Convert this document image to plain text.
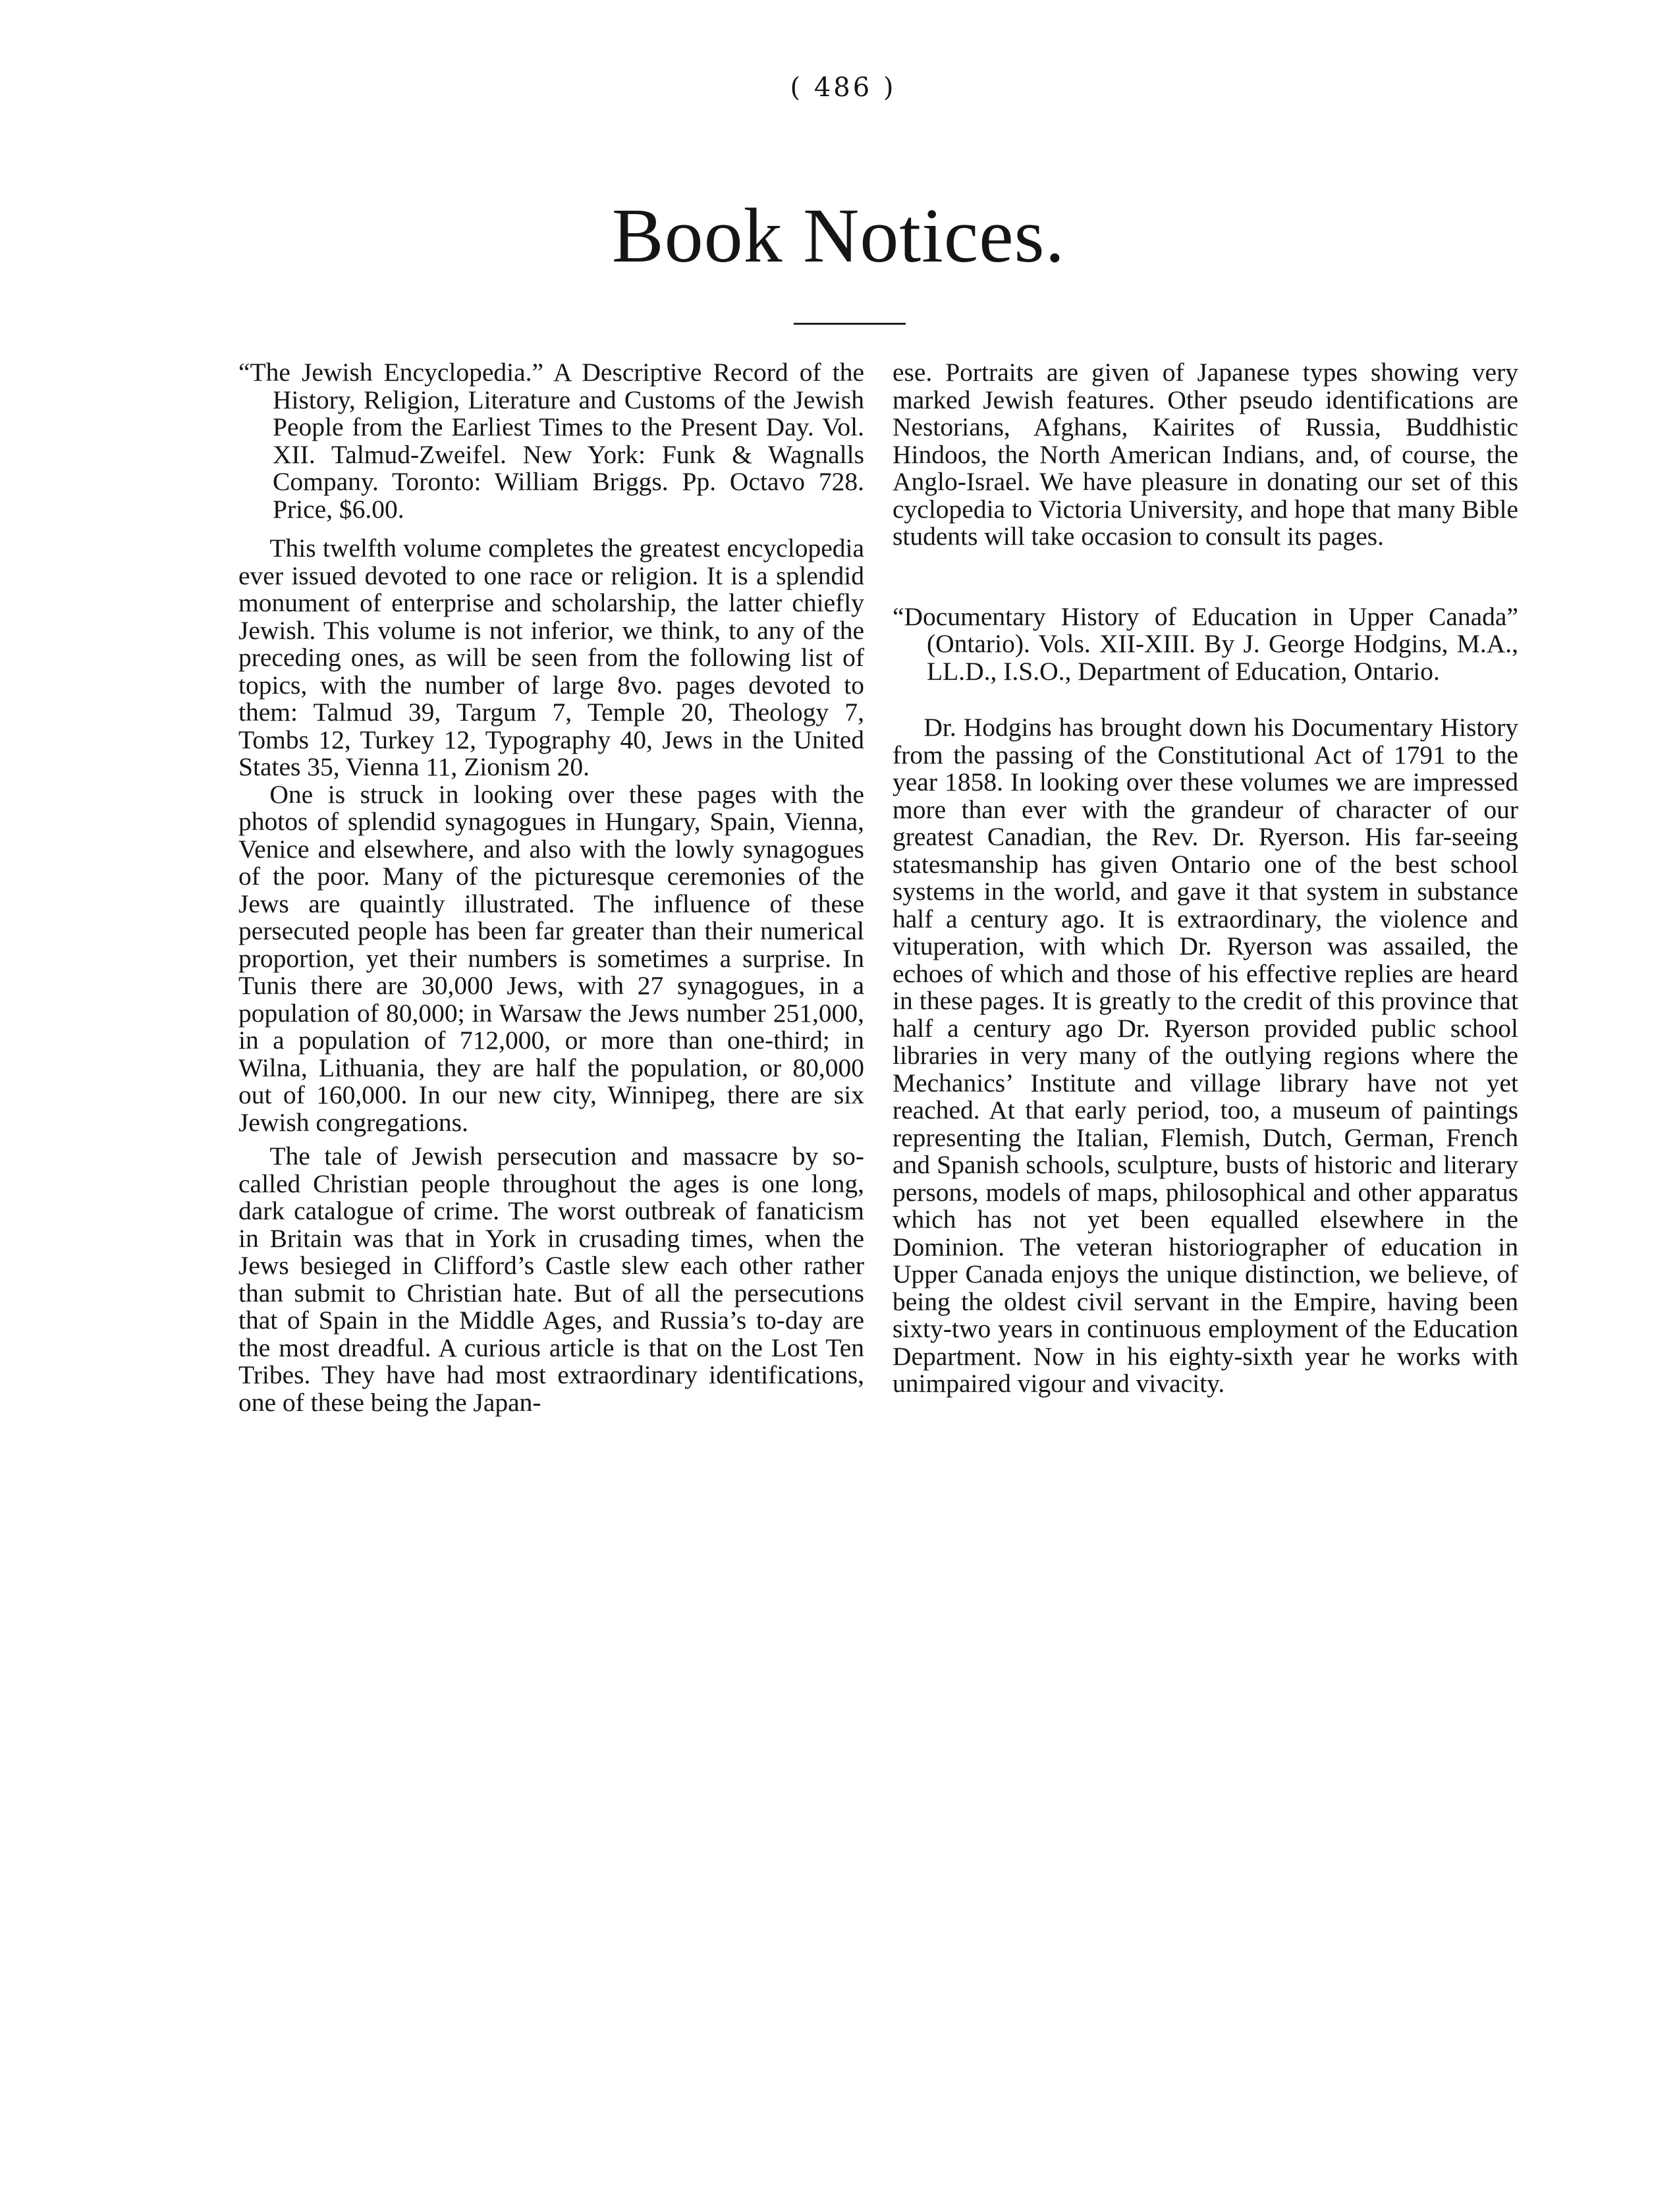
( 486 )
Book Notices.

“The Jewish Encyclopedia.” A Descriptive Record of the History, Religion, Literature and Customs of the Jewish People from the Earliest Times to the Present Day. Vol. XII. Talmud-Zweifel. New York: Funk & Wagnalls Company. Toronto: William Briggs. Pp. Octavo 728. Price, $6.00.

This twelfth volume completes the greatest encyclopedia ever issued devoted to one race or religion. It is a splendid monument of enterprise and scholarship, the latter chiefly Jewish. This volume is not inferior, we think, to any of the preceding ones, as will be seen from the following list of topics, with the number of large 8vo. pages devoted to them: Talmud 39, Targum 7, Temple 20, Theology 7, Tombs 12, Turkey 12, Typography 40, Jews in the United States 35, Vienna 11, Zionism 20.

One is struck in looking over these pages with the photos of splendid synagogues in Hungary, Spain, Vienna, Venice and elsewhere, and also with the lowly synagogues of the poor. Many of the picturesque ceremonies of the Jews are quaintly illustrated. The influence of these persecuted people has been far greater than their numerical proportion, yet their numbers is sometimes a surprise. In Tunis there are 30,000 Jews, with 27 synagogues, in a population of 80,000; in Warsaw the Jews number 251,000, in a population of 712,000, or more than one-third; in Wilna, Lithuania, they are half the population, or 80,000 out of 160,000. In our new city, Winnipeg, there are six Jewish congregations.

The tale of Jewish persecution and massacre by so-called Christian people throughout the ages is one long, dark catalogue of crime. The worst outbreak of fanaticism in Britain was that in York in crusading times, when the Jews besieged in Clifford’s Castle slew each other rather than submit to Christian hate. But of all the persecutions that of Spain in the Middle Ages, and Russia’s to-day are the most dreadful. A curious article is that on the Lost Ten Tribes. They have had most extraordinary identifications, one of these being the Japan-

ese. Portraits are given of Japanese types showing very marked Jewish features. Other pseudo identifications are Nestorians, Afghans, Kairites of Russia, Buddhistic Hindoos, the North American Indians, and, of course, the Anglo-Israel. We have pleasure in donating our set of this cyclopedia to Victoria University, and hope that many Bible students will take occasion to consult its pages.

“Documentary History of Education in Upper Canada” (Ontario). Vols. XII-XIII. By J. George Hodgins, M.A., LL.D., I.S.O., Department of Education, Ontario.

Dr. Hodgins has brought down his Documentary History from the passing of the Constitutional Act of 1791 to the year 1858. In looking over these volumes we are impressed more than ever with the grandeur of character of our greatest Canadian, the Rev. Dr. Ryerson. His far-seeing statesmanship has given Ontario one of the best school systems in the world, and gave it that system in substance half a century ago. It is extraordinary, the violence and vituperation, with which Dr. Ryerson was assailed, the echoes of which and those of his effective replies are heard in these pages. It is greatly to the credit of this province that half a century ago Dr. Ryerson provided public school libraries in very many of the outlying regions where the Mechanics’ Institute and village library have not yet reached. At that early period, too, a museum of paintings representing the Italian, Flemish, Dutch, German, French and Spanish schools, sculpture, busts of historic and literary persons, models of maps, philosophical and other apparatus which has not yet been equalled elsewhere in the Dominion. The veteran historiographer of education in Upper Canada enjoys the unique distinction, we believe, of being the oldest civil servant in the Empire, having been sixty-two years in continuous employment of the Education Department. Now in his eighty-sixth year he works with unimpaired vigour and vivacity.
